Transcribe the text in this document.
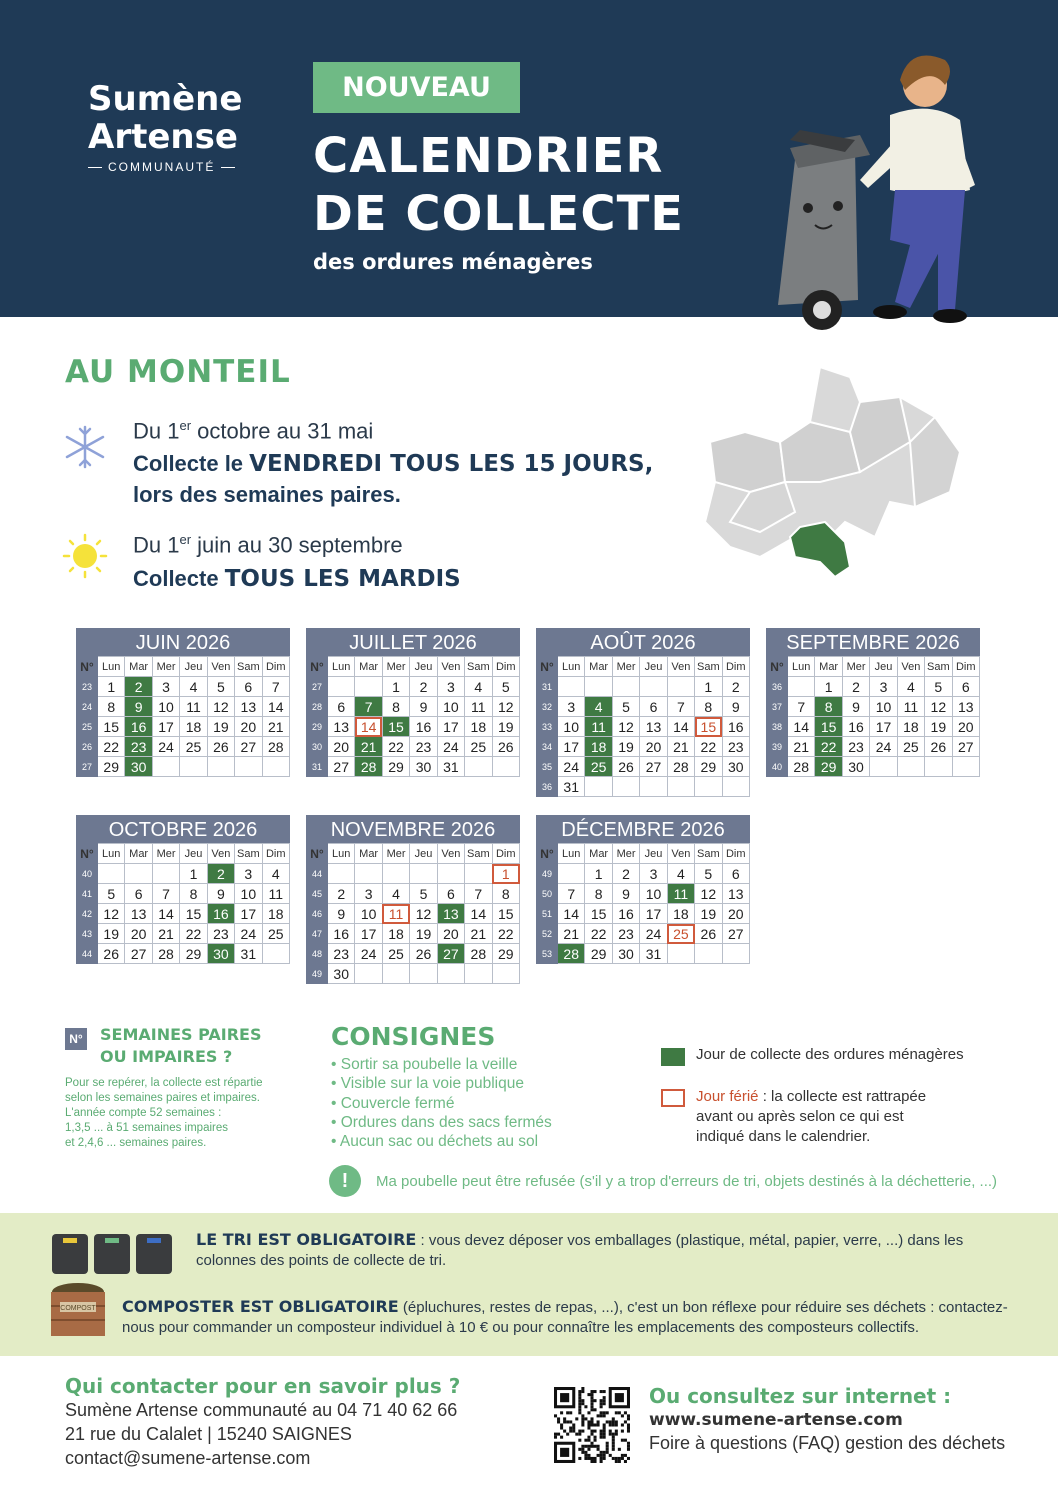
Sumène
Artense
COMMUNAUTÉ
NOUVEAU
CALENDRIER
DE COLLECTE
des ordures ménagères
AU MONTEIL
Du 1er octobre au 31 mai
Collecte le VENDREDI TOUS LES 15 JOURS,
lors des semaines paires.
Du 1er juin au 30 septembre
Collecte TOUS LES MARDIS
JUIN 2026
N°	Lun	Mar	Mer	Jeu	Ven	Sam	Dim
23	1	2	3	4	5	6	7
24	8	9	10	11	12	13	14
25	15	16	17	18	19	20	21
26	22	23	24	25	26	27	28
27	29	30					
JUILLET 2026
N°	Lun	Mar	Mer	Jeu	Ven	Sam	Dim
27			1	2	3	4	5
28	6	7	8	9	10	11	12
29	13	14	15	16	17	18	19
30	20	21	22	23	24	25	26
31	27	28	29	30	31		
AOÛT 2026
N°	Lun	Mar	Mer	Jeu	Ven	Sam	Dim
31						1	2
32	3	4	5	6	7	8	9
33	10	11	12	13	14	15	16
34	17	18	19	20	21	22	23
35	24	25	26	27	28	29	30
36	31						
SEPTEMBRE 2026
N°	Lun	Mar	Mer	Jeu	Ven	Sam	Dim
36		1	2	3	4	5	6
37	7	8	9	10	11	12	13
38	14	15	16	17	18	19	20
39	21	22	23	24	25	26	27
40	28	29	30				
OCTOBRE 2026
N°	Lun	Mar	Mer	Jeu	Ven	Sam	Dim
40				1	2	3	4
41	5	6	7	8	9	10	11
42	12	13	14	15	16	17	18
43	19	20	21	22	23	24	25
44	26	27	28	29	30	31	
NOVEMBRE 2026
N°	Lun	Mar	Mer	Jeu	Ven	Sam	Dim
44							1
45	2	3	4	5	6	7	8
46	9	10	11	12	13	14	15
47	16	17	18	19	20	21	22
48	23	24	25	26	27	28	29
49	30						
DÉCEMBRE 2026
N°	Lun	Mar	Mer	Jeu	Ven	Sam	Dim
49		1	2	3	4	5	6
50	7	8	9	10	11	12	13
51	14	15	16	17	18	19	20
52	21	22	23	24	25	26	27
53	28	29	30	31			
N° SEMAINES PAIRES
OU IMPAIRES ?
Pour se repérer, la collecte est répartie
selon les semaines paires et impaires.
L'année compte 52 semaines :
1,3,5 ... à 51 semaines impaires
et 2,4,6 ... semaines paires.
CONSIGNES
• Sortir sa poubelle la veille
• Visible sur la voie publique
• Couvercle fermé
• Ordures dans des sacs fermés
• Aucun sac ou déchets au sol
Jour de collecte des ordures ménagères
Jour férié : la collecte est rattrapée
avant ou après selon ce qui est
indiqué dans le calendrier.
!	Ma poubelle peut être refusée (s'il y a trop d'erreurs de tri, objets destinés à la déchetterie, ...)
LE TRI EST OBLIGATOIRE : vous devez déposer vos emballages (plastique, métal, papier, verre, ...) dans les
colonnes des points de collecte de tri.
COMPOST COMPOSTER EST OBLIGATOIRE (épluchures, restes de repas, ...), c'est un bon réflexe pour réduire ses déchets : contactez-
nous pour commander un composteur individuel à 10 € ou pour connaître les emplacements des composteurs collectifs.
Qui contacter pour en savoir plus ?
Sumène Artense communauté au 04 71 40 62 66
21 rue du Calalet | 15240 SAIGNES
contact@sumene-artense.com
Ou consultez sur internet :
www.sumene-artense.com
Foire à questions (FAQ) gestion des déchets
